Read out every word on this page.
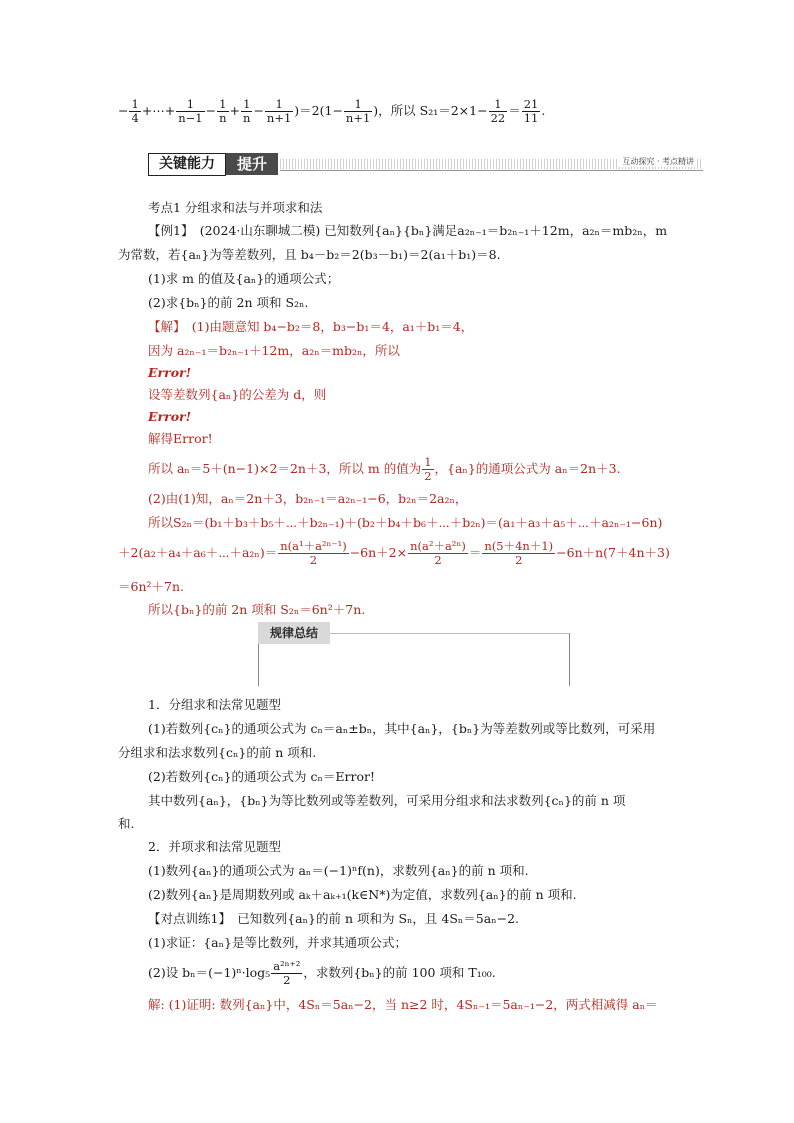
− $\frac{1}{4}$ +⋯+ $\frac{1}{n-1} - \frac{1}{n} + \frac{1}{n} - \frac{1}{n+1} )=2(1- \frac{1}{n+1}$ )，所以 $S_{21}=2\times 1- \frac{1}{22} = \frac{21}{11}$ .
关键能力	提升	互动探究 · 考点精讲
考点1 分组求和法与并项求和法
【例1】　(2024·山东聊城二模) 已知数列{aₙ}{bₙ}满足a₂ₙ₋₁＝b₂ₙ₋₁＋12m，a₂ₙ＝mb₂ₙ，m
为常数，若{aₙ}为等差数列，且 b₄－b₂＝2(b₃－b₁)＝2(a₁＋b₁)＝8.
(1)求 m 的值及{aₙ}的通项公式；
(2)求{bₙ}的前 2n 项和 S₂ₙ.
【解】　(1)由题意知 b₄−b₂＝8，b₃−b₁＝4，a₁＋b₁＝4，
因为 a₂ₙ₋₁＝b₂ₙ₋₁＋12m，a₂ₙ＝mb₂ₙ，所以
Error!
设等差数列{aₙ}的公差为 d，则
Error!
解得Error!
所以 aₙ＝5＋(n−1)×2＝2n＋3，所以 m 的值为 $\frac{1}{2}$ ，{aₙ}的通项公式为 aₙ＝2n＋3.
(2)由(1)知，aₙ＝2n＋3，b₂ₙ₋₁＝a₂ₙ₋₁−6，b₂ₙ＝2a₂ₙ，
所以S₂ₙ＝(b₁＋b₃＋b₅＋⋯＋b₂ₙ₋₁)＋(b₂＋b₄＋b₆＋⋯＋b₂ₙ)＝(a₁＋a₃＋a₅＋⋯＋a₂ₙ₋₁−6n)
＋2(a₂＋a₄＋a₆＋⋯＋a₂ₙ)＝ $\frac{\text{n(a¹＋a²ⁿ⁻¹)}}{2} -6n+2\times \frac{\text{n(a²＋a²ⁿ)}}{2} = \frac{n(5+4n+1)}{2} -6n+n(7+4n+3)$
＝6n²＋7n.
所以{bₙ}的前 2n 项和 S₂ₙ＝6n²＋7n.
规律总结
1．分组求和法常见题型
(1)若数列{cₙ}的通项公式为 cₙ＝aₙ±bₙ，其中{aₙ}，{bₙ}为等差数列或等比数列，可采用
分组求和法求数列{cₙ}的前 n 项和.
(2)若数列{cₙ}的通项公式为 cₙ＝Error!
其中数列{aₙ}，{bₙ}为等比数列或等差数列，可采用分组求和法求数列{cₙ}的前 n 项
和.
2．并项求和法常见题型
(1)数列{aₙ}的通项公式为 aₙ＝(−1)ⁿf(n)，求数列{aₙ}的前 n 项和.
(2)数列{aₙ}是周期数列或 aₖ＋aₖ₊₁(k∈N*)为定值，求数列{aₙ}的前 n 项和.
【对点训练1】　已知数列{aₙ}的前 n 项和为 Sₙ，且 4Sₙ＝5aₙ−2.
(1)求证：{aₙ}是等比数列，并求其通项公式；
(2)设 $b_n=(-1)^n\cdot\log_5 \frac{\text{a²ⁿ⁺²}}{2}$ ，求数列{bₙ}的前 100 项和 T₁₀₀.
解: (1)证明: 数列{aₙ}中，4Sₙ＝5aₙ−2，当 n≥2 时，4Sₙ₋₁＝5aₙ₋₁−2，两式相减得 aₙ＝
